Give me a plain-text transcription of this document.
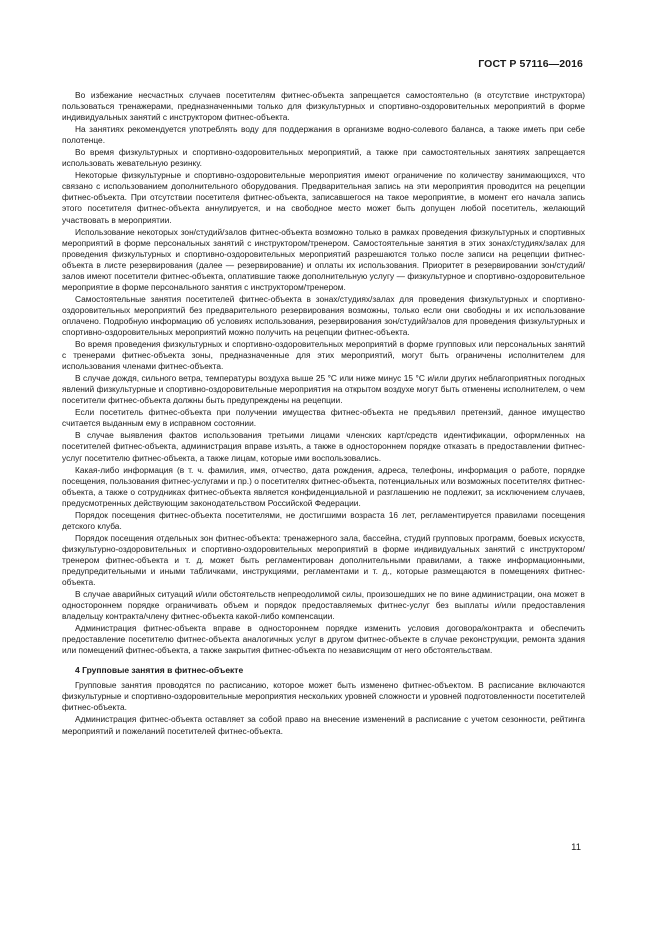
ГОСТ Р 57116—2016

Во избежание несчастных случаев посетителям фитнес-объекта запрещается самостоятельно (в отсутствие инструктора) пользоваться тренажерами, предназначенными только для физкультурных и спортивно-оздоровительных мероприятий в форме индивидуальных занятий с инструктором фитнес-объекта.

На занятиях рекомендуется употреблять воду для поддержания в организме водно-солевого баланса, а также иметь при себе полотенце.

Во время физкультурных и спортивно-оздоровительных мероприятий, а также при самостоятельных занятиях запрещается использовать жевательную резинку.

Некоторые физкультурные и спортивно-оздоровительные мероприятия имеют ограничение по количеству занимающихся, что связано с использованием дополнительного оборудования. Предварительная запись на эти мероприятия проводится на рецепции фитнес-объекта. При отсутствии посетителя фитнес-объекта, записавшегося на такое мероприятие, в момент его начала запись этого посетителя фитнес-объекта аннулируется, и на свободное место может быть допущен любой посетитель, желающий участвовать в мероприятии.

Использование некоторых зон/студий/залов фитнес-объекта возможно только в рамках проведения физкультурных и спортивных мероприятий в форме персональных занятий с инструктором/тренером. Самостоятельные занятия в этих зонах/студиях/залах для проведения физкультурных и спортивно-оздоровительных мероприятий разрешаются только после записи на рецепции фитнес-объекта в листе резервирования (далее — резервирование) и оплаты их использования. Приоритет в резервировании зон/студий/залов имеют посетители фитнес-объекта, оплатившие также дополнительную услугу — физкультурное и спортивно-оздоровительное мероприятие в форме персонального занятия с инструктором/тренером.

Самостоятельные занятия посетителей фитнес-объекта в зонах/студиях/залах для проведения физкультурных и спортивно-оздоровительных мероприятий без предварительного резервирования возможны, только если они свободны и их использование оплачено. Подробную информацию об условиях использования, резервирования зон/студий/залов для проведения физкультурных и спортивно-оздоровительных мероприятий можно получить на рецепции фитнес-объекта.

Во время проведения физкультурных и спортивно-оздоровительных мероприятий в форме групповых или персональных занятий с тренерами фитнес-объекта зоны, предназначенные для этих мероприятий, могут быть ограничены исполнителем для использования членами фитнес-объекта.

В случае дождя, сильного ветра, температуры воздуха выше 25 °С или ниже минус 15 °С и/или других неблагоприятных погодных явлений физкультурные и спортивно-оздоровительные мероприятия на открытом воздухе могут быть отменены исполнителем, о чем посетители фитнес-объекта должны быть предупреждены на рецепции.

Если посетитель фитнес-объекта при получении имущества фитнес-объекта не предъявил претензий, данное имущество считается выданным ему в исправном состоянии.

В случае выявления фактов использования третьими лицами членских карт/средств идентификации, оформленных на посетителей фитнес-объекта, администрация вправе изъять, а также в одностороннем порядке отказать в предоставлении фитнес-услуг посетителю фитнес-объекта, а также лицам, которые ими воспользовались.

Какая-либо информация (в т. ч. фамилия, имя, отчество, дата рождения, адреса, телефоны, информация о работе, порядке посещения, пользования фитнес-услугами и пр.) о посетителях фитнес-объекта, потенциальных или возможных посетителях фитнес-объекта, а также о сотрудниках фитнес-объекта является конфиденциальной и разглашению не подлежит, за исключением случаев, предусмотренных действующим законодательством Российской Федерации.

Порядок посещения фитнес-объекта посетителями, не достигшими возраста 16 лет, регламентируется правилами посещения детского клуба.

Порядок посещения отдельных зон фитнес-объекта: тренажерного зала, бассейна, студий групповых программ, боевых искусств, физкультурно-оздоровительных и спортивно-оздоровительных мероприятий в форме индивидуальных занятий с инструктором/тренером фитнес-объекта и т. д. может быть регламентирован дополнительными правилами, а также информационными, предупредительными и иными табличками, инструкциями, регламентами и т. д., которые размещаются в помещениях фитнес-объекта.

В случае аварийных ситуаций и/или обстоятельств непреодолимой силы, произошедших не по вине администрации, она может в одностороннем порядке ограничивать объем и порядок предоставляемых фитнес-услуг без выплаты и/или предоставления владельцу контракта/члену фитнес-объекта какой-либо компенсации.

Администрация фитнес-объекта вправе в одностороннем порядке изменить условия договора/контракта и обеспечить предоставление посетителю фитнес-объекта аналогичных услуг в другом фитнес-объекте в случае реконструкции, ремонта здания или помещений фитнес-объекта, а также закрытия фитнес-объекта по независящим от него обстоятельствам.

4 Групповые занятия в фитнес-объекте

Групповые занятия проводятся по расписанию, которое может быть изменено фитнес-объектом. В расписание включаются физкультурные и спортивно-оздоровительные мероприятия нескольких уровней сложности и уровней подготовленности посетителей фитнес-объекта.

Администрация фитнес-объекта оставляет за собой право на внесение изменений в расписание с учетом сезонности, рейтинга мероприятий и пожеланий посетителей фитнес-объекта.

11
